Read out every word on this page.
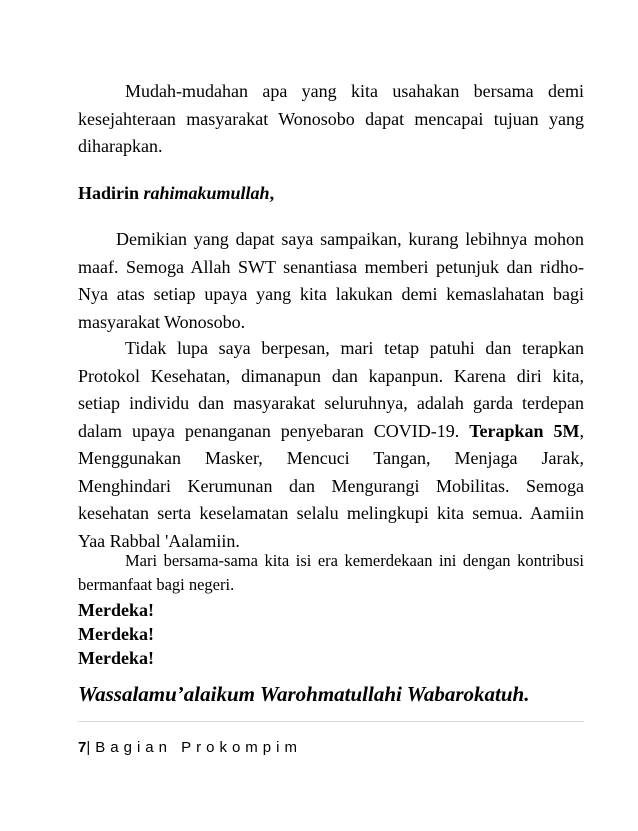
Mudah-mudahan apa yang kita usahakan bersama demi kesejahteraan masyarakat Wonosobo dapat mencapai tujuan yang diharapkan.

Hadirin rahimakumullah,

Demikian yang dapat saya sampaikan, kurang lebihnya mohon maaf. Semoga Allah SWT senantiasa memberi petunjuk dan ridho-Nya atas setiap upaya yang kita lakukan demi kemaslahatan bagi masyarakat Wonosobo.

Tidak lupa saya berpesan, mari tetap patuhi dan terapkan Protokol Kesehatan, dimanapun dan kapanpun. Karena diri kita, setiap individu dan masyarakat seluruhnya, adalah garda terdepan dalam upaya penanganan penyebaran COVID-19. Terapkan 5M, Menggunakan Masker, Mencuci Tangan, Menjaga Jarak, Menghindari Kerumunan dan Mengurangi Mobilitas. Semoga kesehatan serta keselamatan selalu melingkupi kita semua. Aamiin Yaa Rabbal 'Aalamiin.

Mari bersama-sama kita isi era kemerdekaan ini dengan kontribusi bermanfaat bagi negeri.

Merdeka!

Merdeka!

Merdeka!

Wassalamu’alaikum Warohmatullahi Wabarokatuh.

7|Bagian Prokompim
